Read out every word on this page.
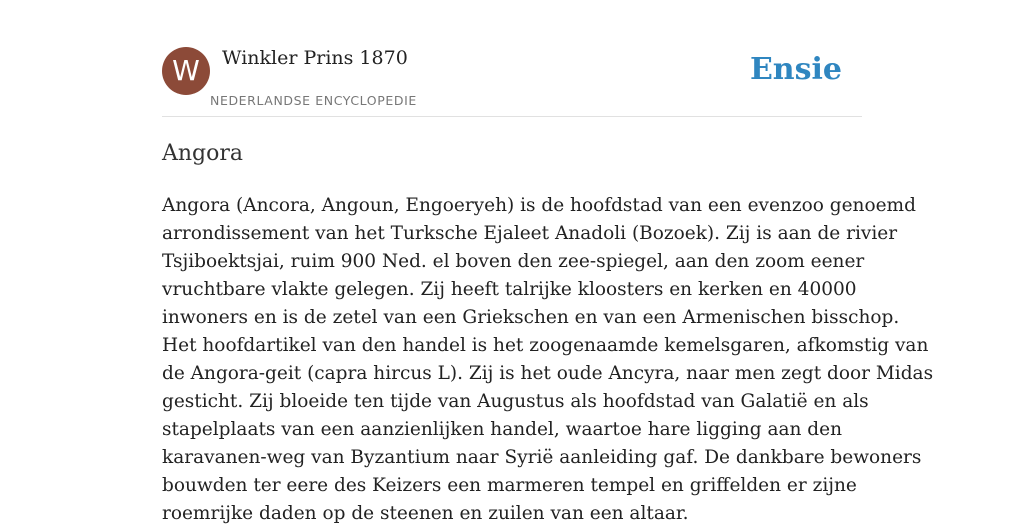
W	Winkler Prins 1870
NEDERLANDSE ENCYCLOPEDIE
Ensie
Angora
Angora (Ancora, Angoun, Engoeryeh) is de hoofdstad van een evenzoo genoemd
arrondissement van het Turksche Ejaleet Anadoli (Bozoek). Zij is aan de rivier
Tsjiboektsjai, ruim 900 Ned. el boven den zee-spiegel, aan den zoom eener
vruchtbare vlakte gelegen. Zij heeft talrijke kloosters en kerken en 40000
inwoners en is de zetel van een Griekschen en van een Armenischen bisschop.
Het hoofdartikel van den handel is het zoogenaamde kemelsgaren, afkomstig van
de Angora-geit (capra hircus L). Zij is het oude Ancyra, naar men zegt door Midas
gesticht. Zij bloeide ten tijde van Augustus als hoofdstad van Galatië en als
stapelplaats van een aanzienlijken handel, waartoe hare ligging aan den
karavanen-weg van Byzantium naar Syrië aanleiding gaf. De dankbare bewoners
bouwden ter eere des Keizers een marmeren tempel en griffelden er zijne
roemrijke daden op de steenen en zuilen van een altaar.
